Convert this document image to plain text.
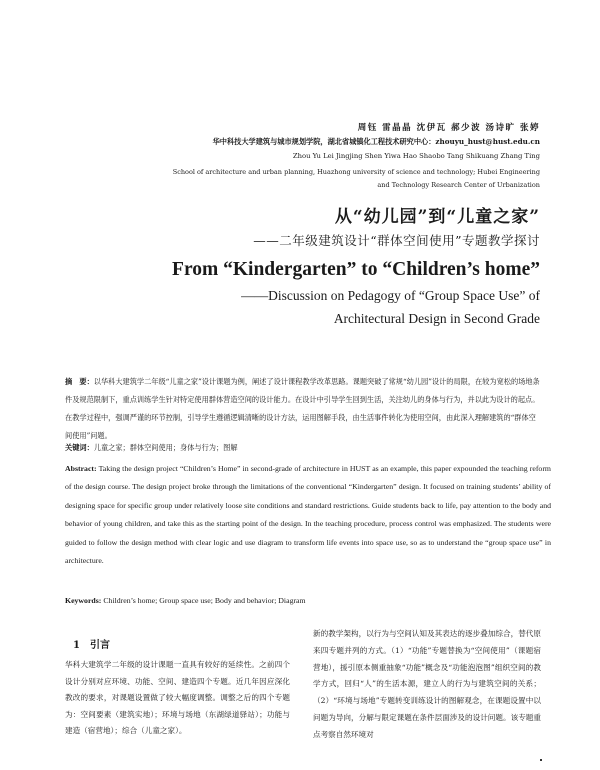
周钰 雷晶晶 沈伊瓦 郝少波 汤诗旷 张婷
华中科技大学建筑与城市规划学院，湖北省城镇化工程技术研究中心：zhouyu_hust@hust.edu.cn
Zhou Yu Lei Jingjing Shen Yiwa Hao Shaobo Tang Shikuang Zhang Ting
School of architecture and urban planning, Huazhong university of science and technology; Hubei Engineering
and Technology Research Center of Urbanization
从“幼儿园”到“儿童之家”
——二年级建筑设计“群体空间使用”专题教学探讨
From “Kindergarten” to “Children’s home”
——Discussion on Pedagogy of “Group Space Use” of
Architectural Design in Second Grade
摘　要：以华科大建筑学二年级“儿童之家”设计课题为例，阐述了设计课程教学改革思路。课题突破了常规“幼儿园”设计的局限，在较为宽松的场地条件及规范限制下，重点训练学生针对特定使用群体营造空间的设计能力。在设计中引导学生回到生活，关注幼儿的身体与行为，并以此为设计的起点。在教学过程中，强调严谨的环节控制，引导学生遵循逻辑清晰的设计方法，运用图解手段，由生活事件转化为使用空间，由此深入理解建筑的“群体空间使用”问题。
关键词：儿童之家；群体空间使用；身体与行为；图解
Abstract: Taking the design project “Children’s Home” in second-grade of architecture in HUST as an example, this paper expounded the teaching reform of the design course. The design project broke through the limitations of the conventional “Kindergarten” design. It focused on training students’ ability of designing space for specific group under relatively loose site conditions and standard restrictions. Guide students back to life, pay attention to the body and behavior of young children, and take this as the starting point of the design. In the teaching procedure, process control was emphasized. The students were guided to follow the design method with clear logic and use diagram to transform life events into space use, so as to understand the “group space use” in architecture.
Keywords: Children’s home; Group space use; Body and behavior; Diagram
1　引言
华科大建筑学二年级的设计课题一直具有较好的延续性。之前四个设计分别对应环境、功能、空间、建造四个专题。近几年因应深化教改的要求，对课题设置做了较大幅度调整。调整之后的四个专题为：空间要素（建筑实地）；环境与场地（东湖绿道驿站）；功能与建造（宿营地）；综合（儿童之家）。
新的教学架构，以行为与空间认知及其表达的逐步叠加综合，替代原来四专题并列的方式。（1）“功能”专题替换为“空间使用”（课题宿营地），援引原本侧重抽象“功能”概念及“功能泡泡图”组织空间的教学方式，回归“人”的生活本源，建立人的行为与建筑空间的关系；（2）“环境与场地”专题转变训练设计的图解观念，在课题设置中以问题为导向，分解与限定课题在条件层面涉及的设计问题。该专题重点考察自然环境对
